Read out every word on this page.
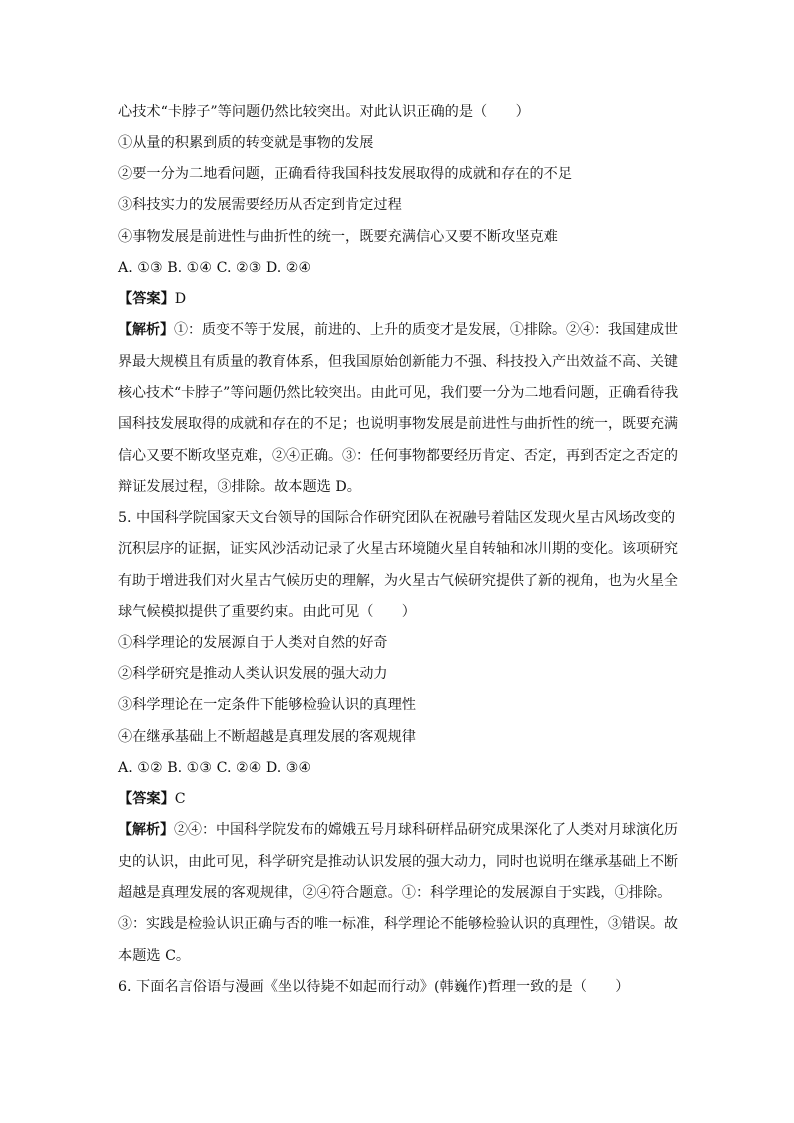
心技术“卡脖子”等问题仍然比较突出。对此认识正确的是（　　）
①从量的积累到质的转变就是事物的发展
②要一分为二地看问题，正确看待我国科技发展取得的成就和存在的不足
③科技实力的发展需要经历从否定到肯定过程
④事物发展是前进性与曲折性的统一，既要充满信心又要不断攻坚克难
A. ①③ B. ①④ C. ②③ D. ②④
【答案】D
【解析】①：质变不等于发展，前进的、上升的质变才是发展，①排除。②④：我国建成世
界最大规模且有质量的教育体系，但我国原始创新能力不强、科技投入产出效益不高、关键
核心技术“卡脖子”等问题仍然比较突出。由此可见，我们要一分为二地看问题，正确看待我
国科技发展取得的成就和存在的不足；也说明事物发展是前进性与曲折性的统一，既要充满
信心又要不断攻坚克难，②④正确。③：任何事物都要经历肯定、否定，再到否定之否定的
辩证发展过程，③排除。故本题选 D。
5. 中国科学院国家天文台领导的国际合作研究团队在祝融号着陆区发现火星古风场改变的
沉积层序的证据，证实风沙活动记录了火星古环境随火星自转轴和冰川期的变化。该项研究
有助于增进我们对火星古气候历史的理解，为火星古气候研究提供了新的视角，也为火星全
球气候模拟提供了重要约束。由此可见（　　）
①科学理论的发展源自于人类对自然的好奇
②科学研究是推动人类认识发展的强大动力
③科学理论在一定条件下能够检验认识的真理性
④在继承基础上不断超越是真理发展的客观规律
A. ①② B. ①③ C. ②④ D. ③④
【答案】C
【解析】②④：中国科学院发布的嫦娥五号月球科研样品研究成果深化了人类对月球演化历
史的认识，由此可见，科学研究是推动认识发展的强大动力，同时也说明在继承基础上不断
超越是真理发展的客观规律，②④符合题意。①：科学理论的发展源自于实践，①排除。
③：实践是检验认识正确与否的唯一标准，科学理论不能够检验认识的真理性，③错误。故
本题选 C。
6. 下面名言俗语与漫画《坐以待毙不如起而行动》(韩巍作)哲理一致的是（　　）
